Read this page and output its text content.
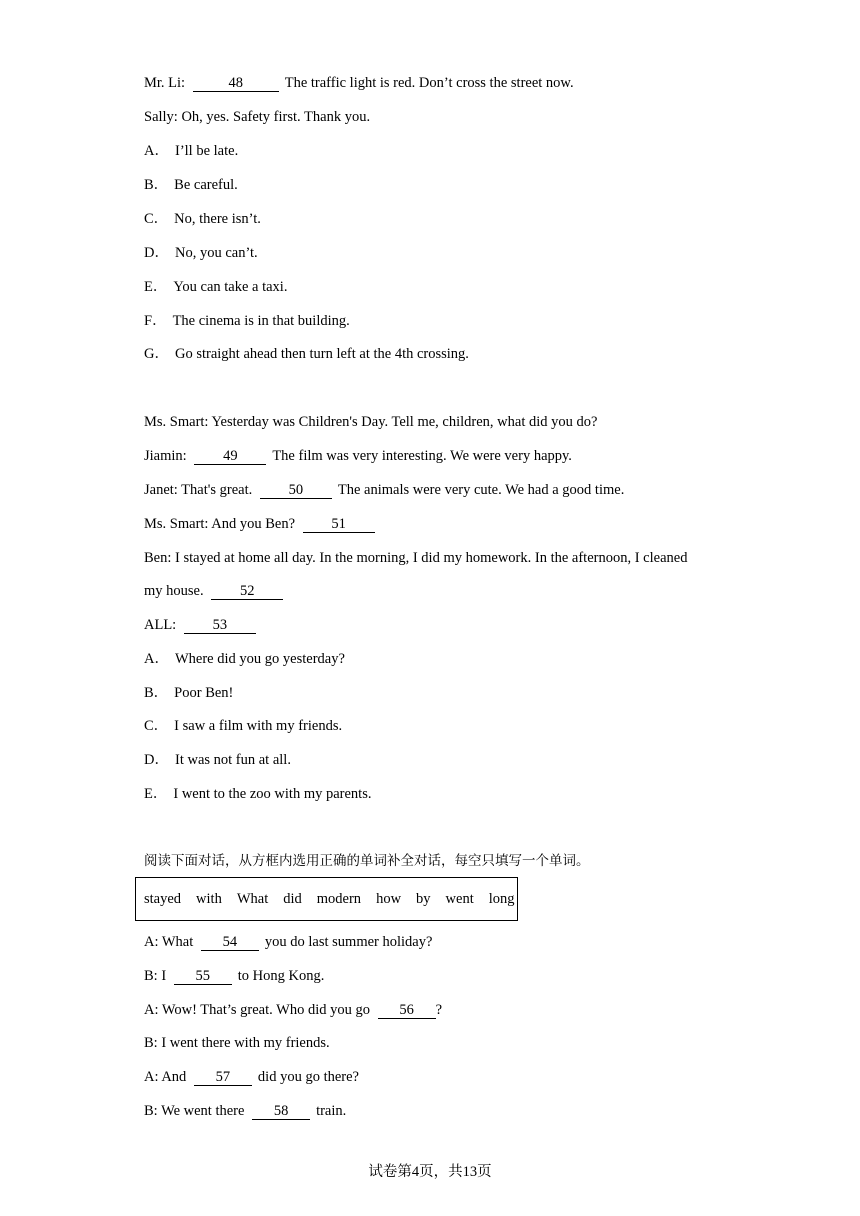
Mr. Li:	48	The traffic light is red. Don’t cross the street now.
Sally: Oh, yes. Safety first. Thank you.
A． I’ll be late.
B． Be careful.
C． No, there isn’t.
D． No, you can’t.
E． You can take a taxi.
F． The cinema is in that building.
G． Go straight ahead then turn left at the 4th crossing.
Ms. Smart: Yesterday was Children's Day. Tell me, children, what did you do?
Jiamin: 49 The film was very interesting. We were very happy.
Janet: That's great. 50 The animals were very cute. We had a good time.
Ms. Smart: And you Ben? 51
Ben: I stayed at home all day. In the morning, I did my homework. In the afternoon, I cleaned
my house. 52
ALL: 53
A． Where did you go yesterday?
B． Poor Ben!
C． I saw a film with my friends.
D． It was not fun at all.
E． I went to the zoo with my parents.
阅读下面对话，从方框内选用正确的单词补全对话，每空只填写一个单词。
stayed with What did modern how by went long
A: What 54 you do last summer holiday?
B: I 55 to Hong Kong.
A: Wow! That’s great. Who did you go 56 ?
B: I went there with my friends.
A: And 57 did you go there?
B: We went there 58 train.
试卷第4页，共13页
